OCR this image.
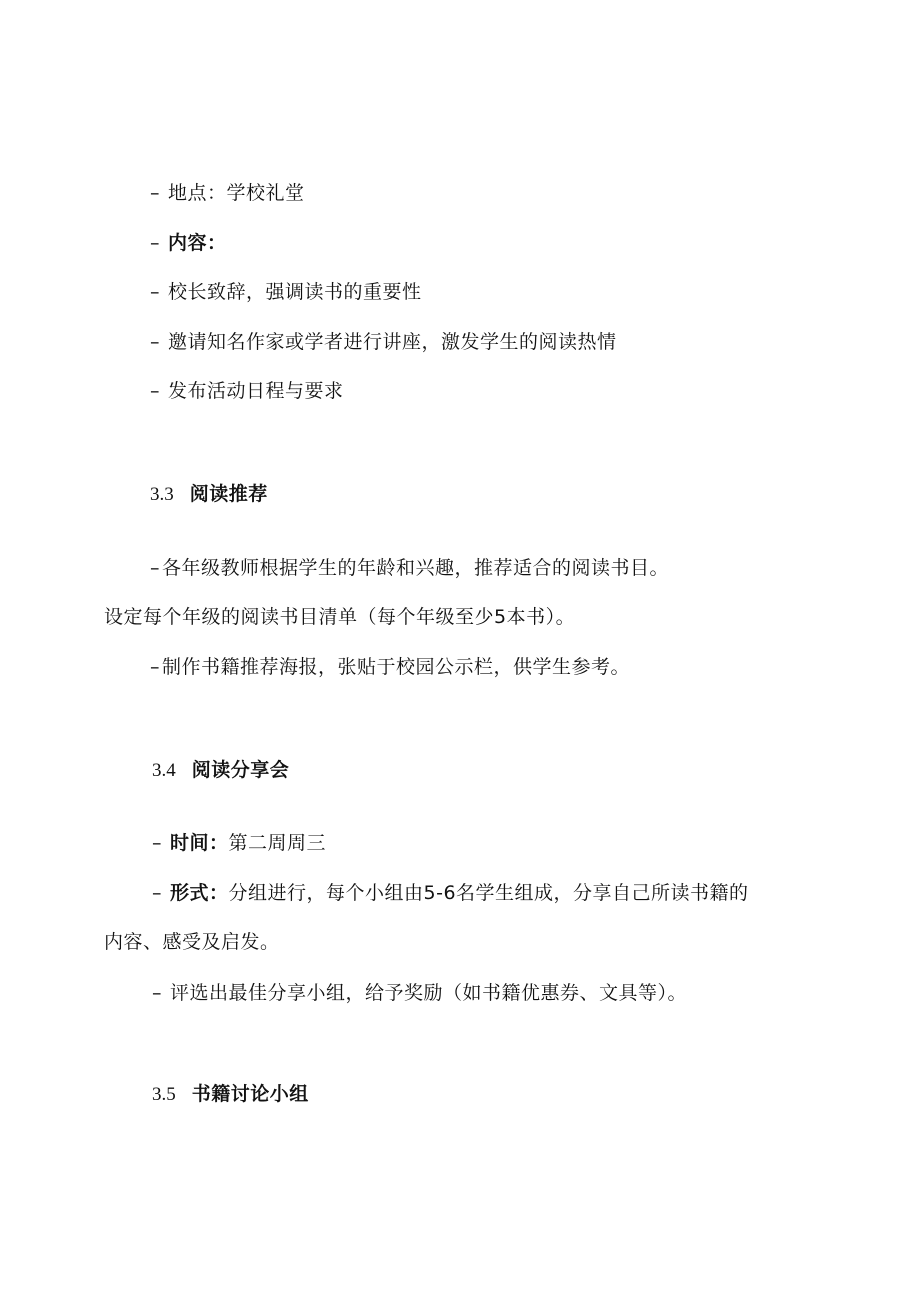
– 地点：学校礼堂
– 内容：
– 校长致辞，强调读书的重要性
– 邀请知名作家或学者进行讲座，激发学生的阅读热情
– 发布活动日程与要求
3.3 阅读推荐
– 各年级教师根据学生的年龄和兴趣，推荐适合的阅读书目。
设定每个年级的阅读书目清单（每个年级至少5本书）。
– 制作书籍推荐海报，张贴于校园公示栏，供学生参考。
3.4 阅读分享会
– 时间：第二周周三
– 形式：分组进行，每个小组由5-6名学生组成，分享自己所读书籍的
内容、感受及启发。
– 评选出最佳分享小组，给予奖励（如书籍优惠券、文具等）。
3.5 书籍讨论小组
